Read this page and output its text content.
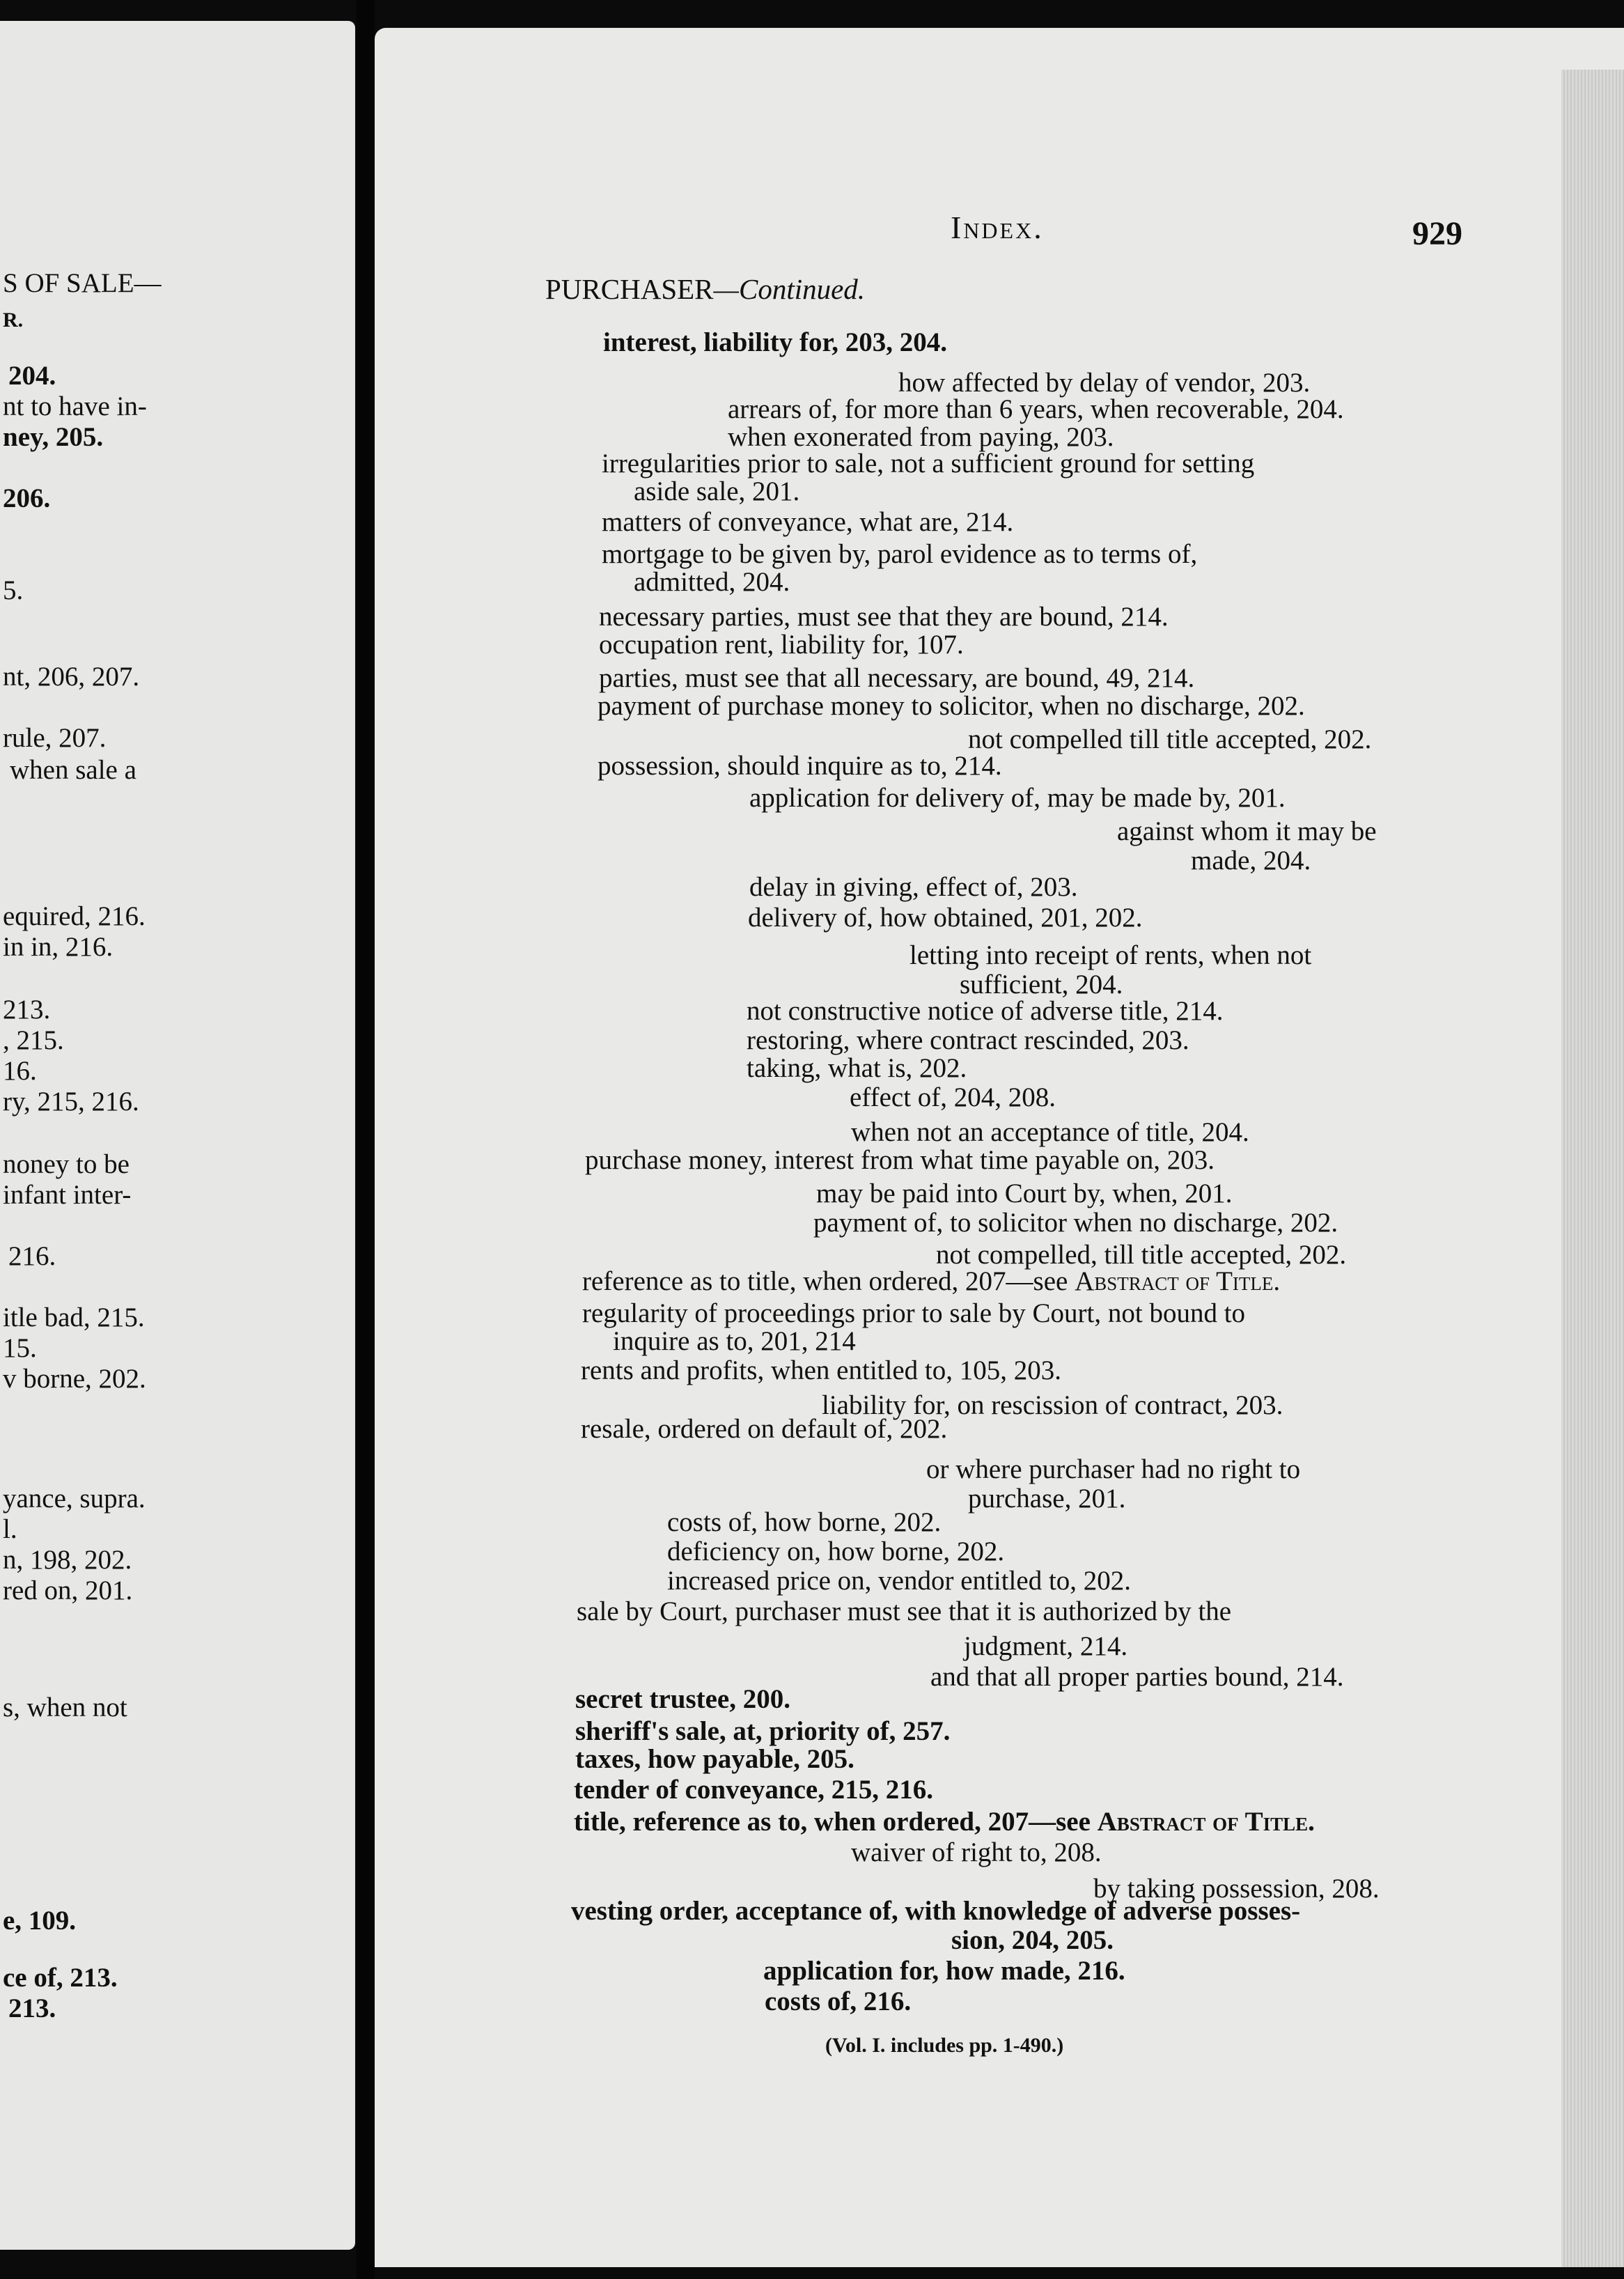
S OF SALE—
R.
204.
nt to have in-
ney, 205.
206.
5.
nt, 206, 207.
rule, 207.
when sale a
equired, 216.
in in, 216.
213.
, 215.
16.
ry, 215, 216.
noney to be
infant inter-
216.
itle bad, 215.
15.
v borne, 202.
yance, supra.
l.
n, 198, 202.
red on, 201.
s, when not
e, 109.
ce of, 213.
213.
Index.	929
PURCHASER—Continued.
interest, liability for, 203, 204.
how affected by delay of vendor, 203.
arrears of, for more than 6 years, when recoverable, 204.
when exonerated from paying, 203.
irregularities prior to sale, not a sufficient ground for setting
aside sale, 201.
matters of conveyance, what are, 214.
mortgage to be given by, parol evidence as to terms of,
admitted, 204.
necessary parties, must see that they are bound, 214.
occupation rent, liability for, 107.
parties, must see that all necessary, are bound, 49, 214.
payment of purchase money to solicitor, when no discharge, 202.
not compelled till title accepted, 202.
possession, should inquire as to, 214.
application for delivery of, may be made by, 201.
against whom it may be
made, 204.
delay in giving, effect of, 203.
delivery of, how obtained, 201, 202.
letting into receipt of rents, when not
sufficient, 204.
not constructive notice of adverse title, 214.
restoring, where contract rescinded, 203.
taking, what is, 202.
effect of, 204, 208.
when not an acceptance of title, 204.
purchase money, interest from what time payable on, 203.
may be paid into Court by, when, 201.
payment of, to solicitor when no discharge, 202.
not compelled, till title accepted, 202.
reference as to title, when ordered, 207—see Abstract of Title.
regularity of proceedings prior to sale by Court, not bound to
inquire as to, 201, 214
rents and profits, when entitled to, 105, 203.
liability for, on rescission of contract, 203.
resale, ordered on default of, 202.
or where purchaser had no right to
purchase, 201.
costs of, how borne, 202.
deficiency on, how borne, 202.
increased price on, vendor entitled to, 202.
sale by Court, purchaser must see that it is authorized by the
judgment, 214.
and that all proper parties bound, 214.
secret trustee, 200.
sheriff's sale, at, priority of, 257.
taxes, how payable, 205.
tender of conveyance, 215, 216.
title, reference as to, when ordered, 207—see Abstract of Title.
waiver of right to, 208.
by taking possession, 208.
vesting order, acceptance of, with knowledge of adverse posses-
sion, 204, 205.
application for, how made, 216.
costs of, 216.
(Vol. I. includes pp. 1-490.)
